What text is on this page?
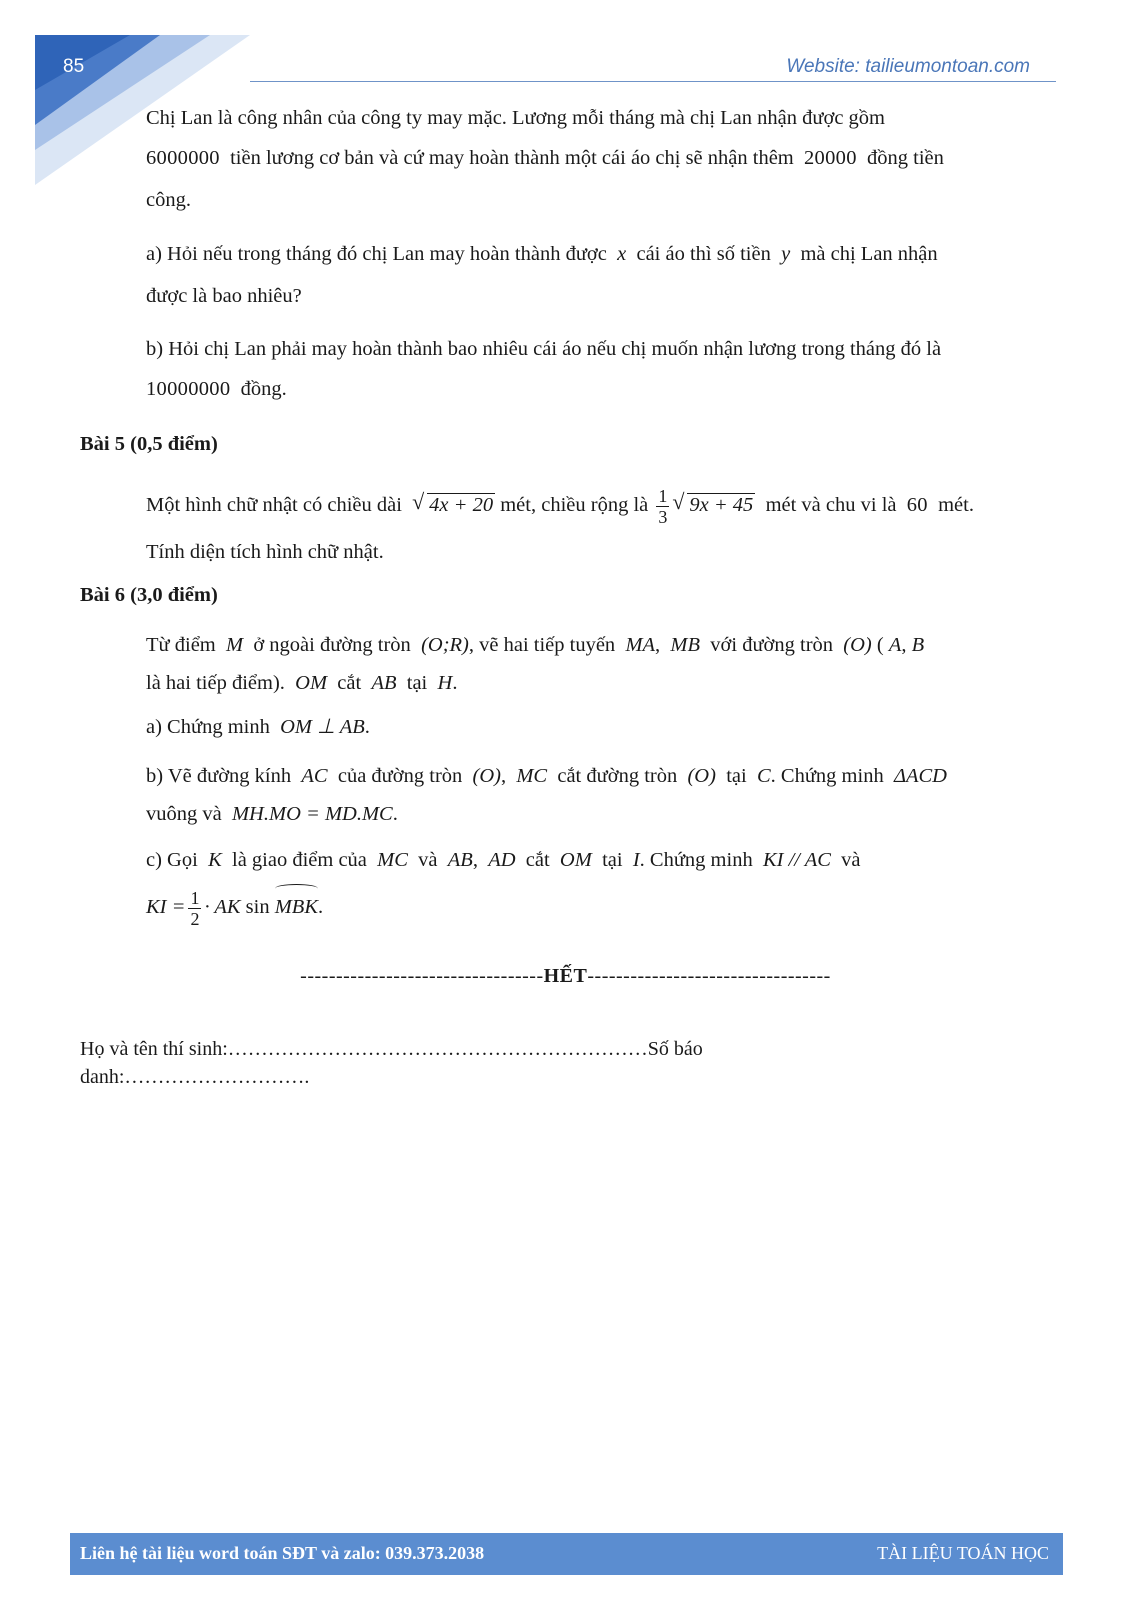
85	Website: tailieumontoan.com

Chị Lan là công nhân của công ty may mặc. Lương mỗi tháng mà chị Lan nhận được gồm

6000000 tiền lương cơ bản và cứ may hoàn thành một cái áo chị sẽ nhận thêm 20000 đồng tiền

công.

a) Hỏi nếu trong tháng đó chị Lan may hoàn thành được x cái áo thì số tiền y mà chị Lan nhận

được là bao nhiêu?

b) Hỏi chị Lan phải may hoàn thành bao nhiêu cái áo nếu chị muốn nhận lương trong tháng đó là

10000000 đồng.

Bài 5 (0,5 điểm)

Một hình chữ nhật có chiều dài √ 4x + 20 mét, chiều rộng là $\frac{1}{3}$ √ 9x + 45 mét và chu vi là 60 mét.

Tính diện tích hình chữ nhật.

Bài 6 (3,0 điểm)

Từ điểm M ở ngoài đường tròn (O;R), vẽ hai tiếp tuyến MA,  MB với đường tròn (O) ( A, B

là hai tiếp điểm). OM cắt AB tại H.

a) Chứng minh OM ⊥ AB.

b) Vẽ đường kính AC của đường tròn (O),  MC cắt đường tròn (O) tại C. Chứng minh ΔACD

vuông và MH.MO = MD.MC.

c) Gọi K là giao điểm của MC và AB,  AD cắt OM tại I. Chứng minh KI // AC và

KI = $\frac{1}{2}$ · AK sin MBK.

----------------------------------HẾT----------------------------------

Họ và tên thí sinh:………………………………………………………Số báo

danh:……………………….

Liên hệ tài liệu word toán SĐT và zalo: 039.373.2038	TÀI LIỆU TOÁN HỌC
